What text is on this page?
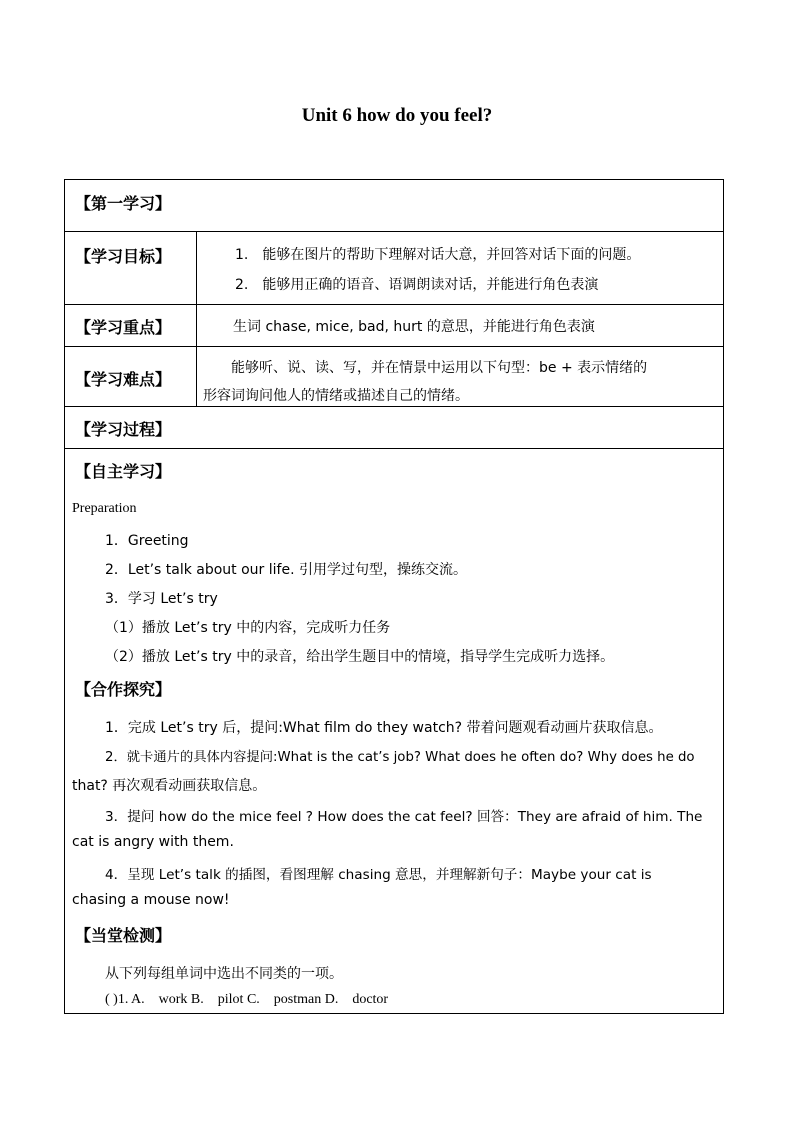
Unit 6 how do you feel?
【第一学习】
【学习目标】	1.　能够在图片的帮助下理解对话大意，并回答对话下面的问题。
2.　能够用正确的语音、语调朗读对话，并能进行角色表演
【学习重点】	生词 chase, mice, bad, hurt 的意思，并能进行角色表演
【学习难点】
能够听、说、读、写，并在情景中运用以下句型：be + 表示情绪的
形容词询问他人的情绪或描述自己的情绪。
【学习过程】
【自主学习】
Preparation
1．Greeting
2．Let’s talk about our life. 引用学过句型，操练交流。
3．学习 Let’s try
（1）播放 Let’s try 中的内容，完成听力任务
（2）播放 Let’s try 中的录音，给出学生题目中的情境，指导学生完成听力选择。
【合作探究】
1．完成 Let’s try 后，提问:What film do they watch? 带着问题观看动画片获取信息。
2．就卡通片的具体内容提问:What is the cat’s job? What does he often do? Why does he do
that? 再次观看动画获取信息。
3．提问 how do the mice feel ? How does the cat feel? 回答：They are afraid of him. The
cat is angry with them.
4．呈现 Let’s talk 的插图，看图理解 chasing 意思，并理解新句子：Maybe your cat is
chasing a mouse now!
【当堂检测】
从下列每组单词中选出不同类的一项。
( )1. A. work B. pilot C. postman D. doctor
